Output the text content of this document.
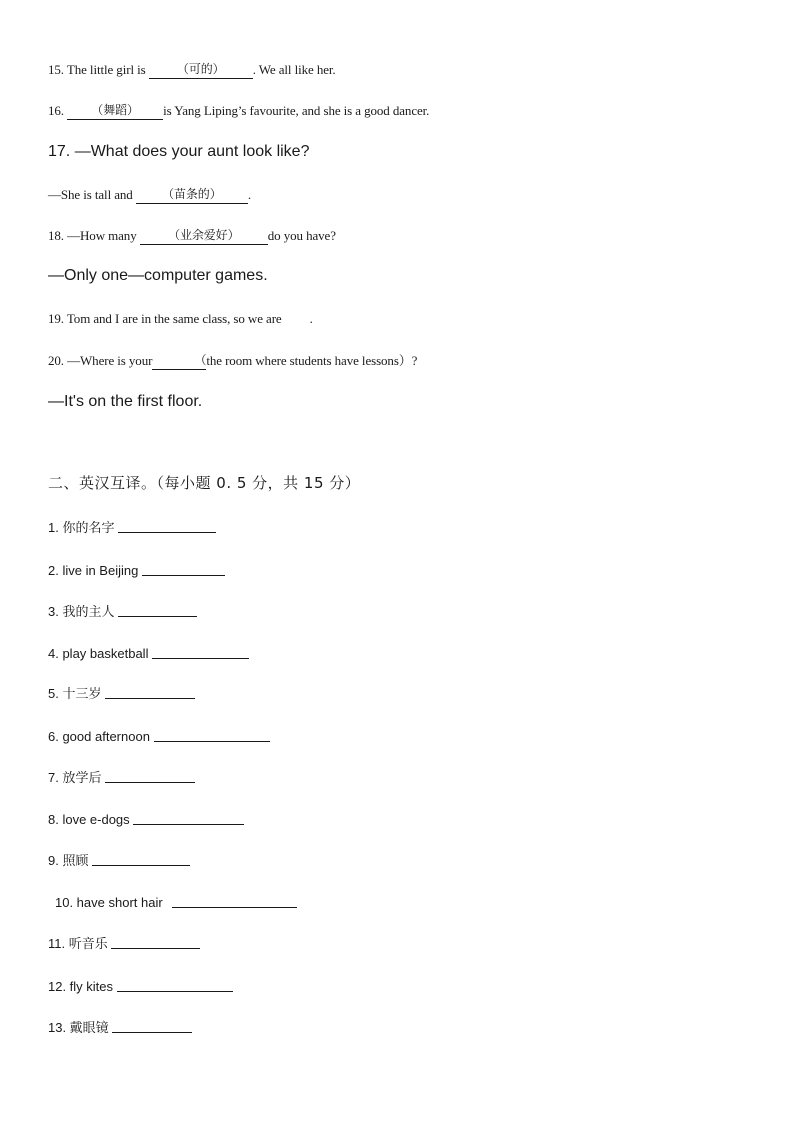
15. The little girl is （可的） . We all like her.
16. （舞蹈） is Yang Liping’s favourite, and she is a good dancer.
17. —What does your aunt look like?
—She is tall and （苗条的） .
18. —How many （业余爱好） do you have?
—Only one—computer games.
19. Tom and I are in the same class, so we are .
20. —Where is your	（the room where students have lessons）?
—It's on the first floor.
二、英汉互译。（每小题 0. 5 分，共 15 分）
1. 你的名字
2. live in Beijing
3. 我的主人
4. play basketball
5. 十三岁
6. good afternoon
7. 放学后
8. love e-dogs
9. 照顾
10. have short hair
11. 听音乐
12. fly kites
13. 戴眼镜
